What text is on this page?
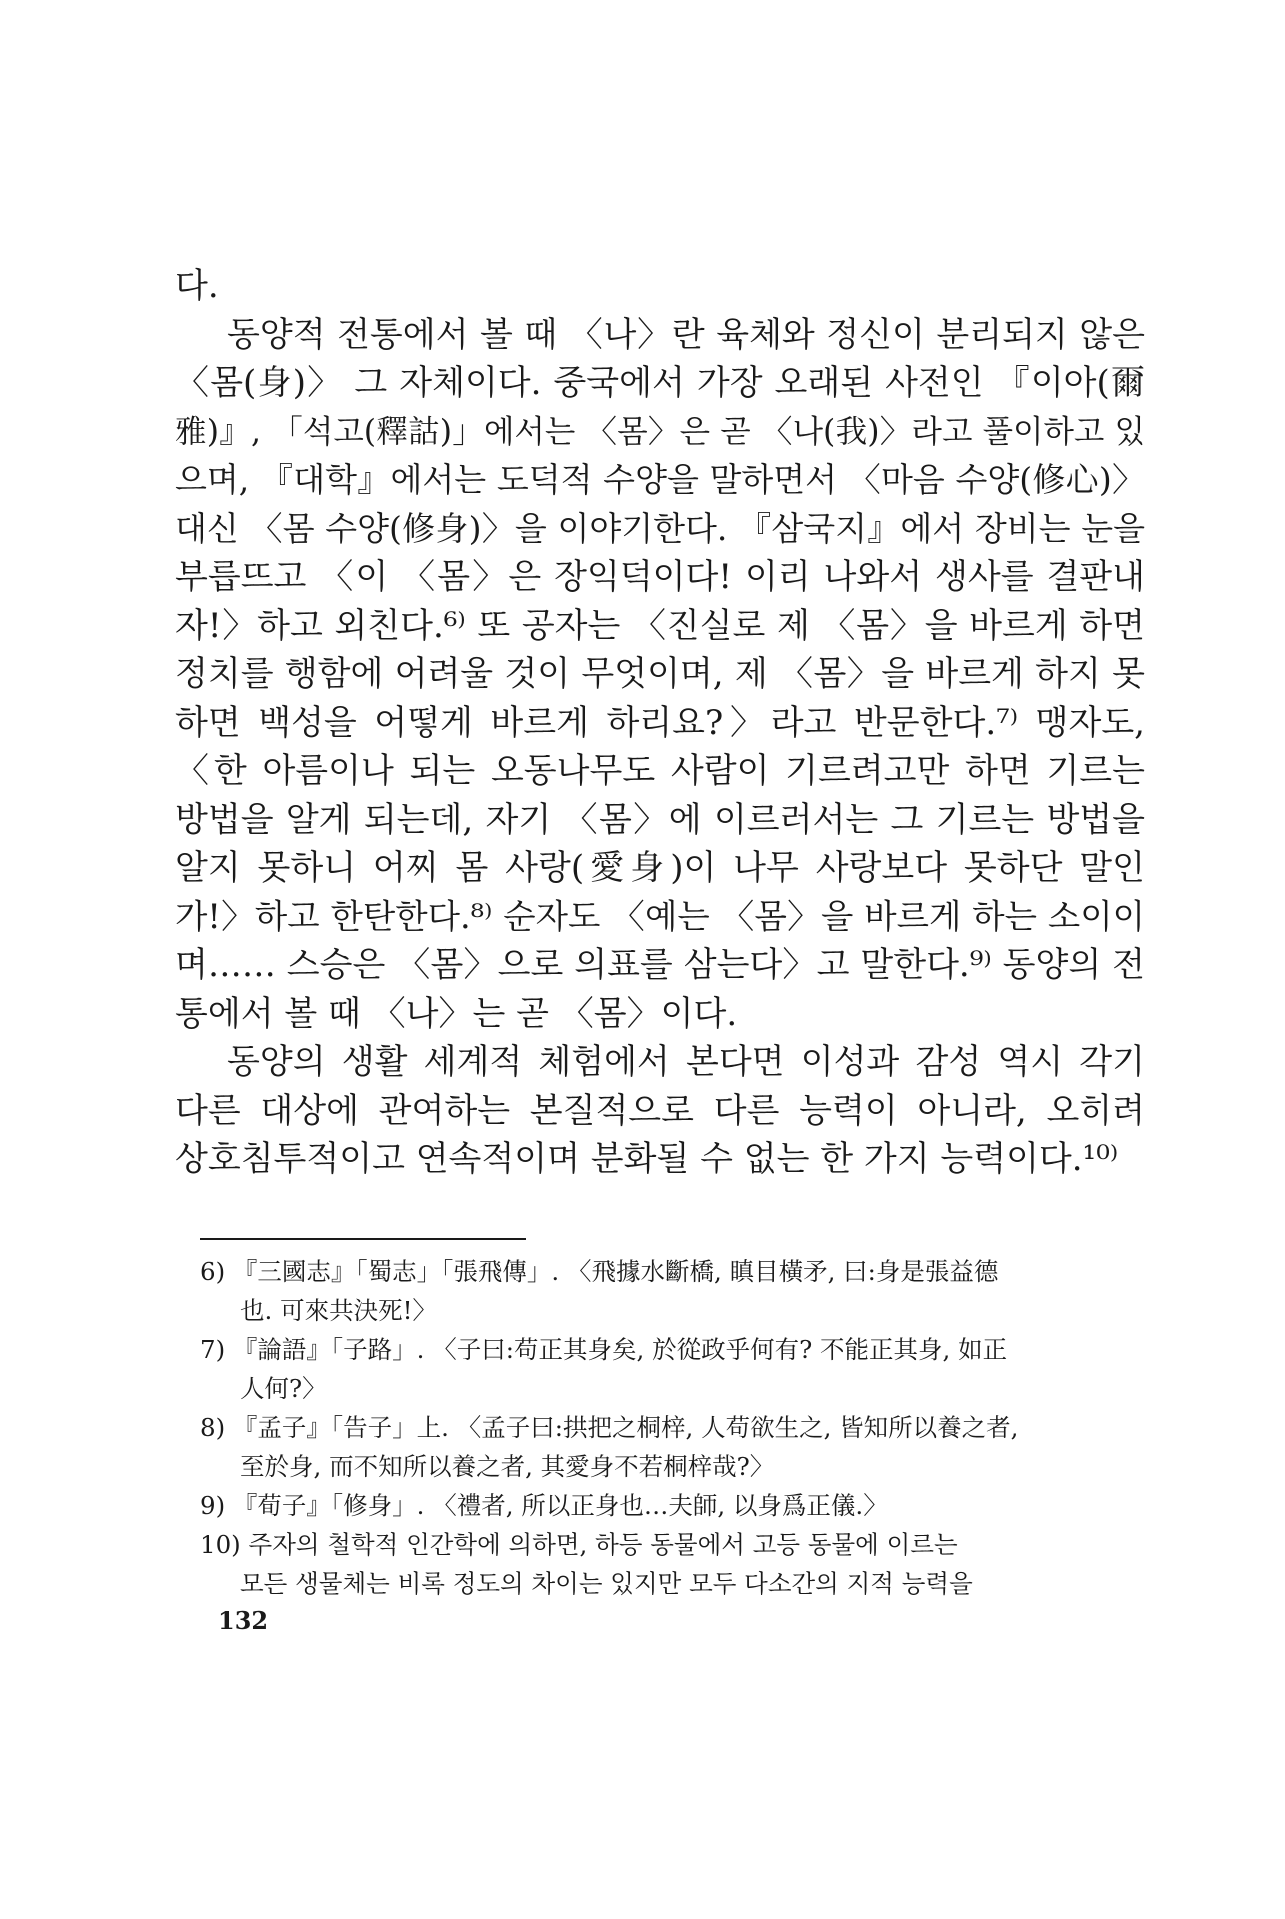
다.
동양적 전통에서 볼 때 〈나〉란 육체와 정신이 분리되지 않은
〈몸(身)〉 그 자체이다. 중국에서 가장 오래된 사전인 『이아(爾
雅)』, 「석고(釋詁)」에서는 〈몸〉은 곧 〈나(我)〉라고 풀이하고 있
으며, 『대학』에서는 도덕적 수양을 말하면서 〈마음 수양(修心)〉
대신 〈몸 수양(修身)〉을 이야기한다. 『삼국지』에서 장비는 눈을
부릅뜨고 〈이 〈몸〉은 장익덕이다! 이리 나와서 생사를 결판내
자!〉하고 외친다.⁶⁾ 또 공자는 〈진실로 제 〈몸〉을 바르게 하면
정치를 행함에 어려울 것이 무엇이며, 제 〈몸〉을 바르게 하지 못
하면 백성을 어떻게 바르게 하리요?〉라고 반문한다.⁷⁾ 맹자도,
〈한 아름이나 되는 오동나무도 사람이 기르려고만 하면 기르는
방법을 알게 되는데, 자기 〈몸〉에 이르러서는 그 기르는 방법을
알지 못하니 어찌 몸 사랑(愛身)이 나무 사랑보다 못하단 말인
가!〉하고 한탄한다.⁸⁾ 순자도 〈예는 〈몸〉을 바르게 하는 소이이
며…… 스승은 〈몸〉으로 의표를 삼는다〉고 말한다.⁹⁾ 동양의 전
통에서 볼 때 〈나〉는 곧 〈몸〉이다.
동양의 생활 세계적 체험에서 본다면 이성과 감성 역시 각기
다른 대상에 관여하는 본질적으로 다른 능력이 아니라, 오히려
상호침투적이고 연속적이며 분화될 수 없는 한 가지 능력이다.¹⁰⁾
6) 『三國志』「蜀志」「張飛傳」. 〈飛據水斷橋, 瞋目橫矛, 曰:身是張益德
也. 可來共決死!〉
7) 『論語』「子路」. 〈子曰:苟正其身矣, 於從政乎何有? 不能正其身, 如正
人何?〉
8) 『孟子』「告子」上. 〈孟子曰:拱把之桐梓, 人苟欲生之, 皆知所以養之者,
至於身, 而不知所以養之者, 其愛身不若桐梓哉?〉
9) 『荀子』「修身」. 〈禮者, 所以正身也…夫師, 以身爲正儀.〉
10) 주자의 철학적 인간학에 의하면, 하등 동물에서 고등 동물에 이르는
모든 생물체는 비록 정도의 차이는 있지만 모두 다소간의 지적 능력을
132
